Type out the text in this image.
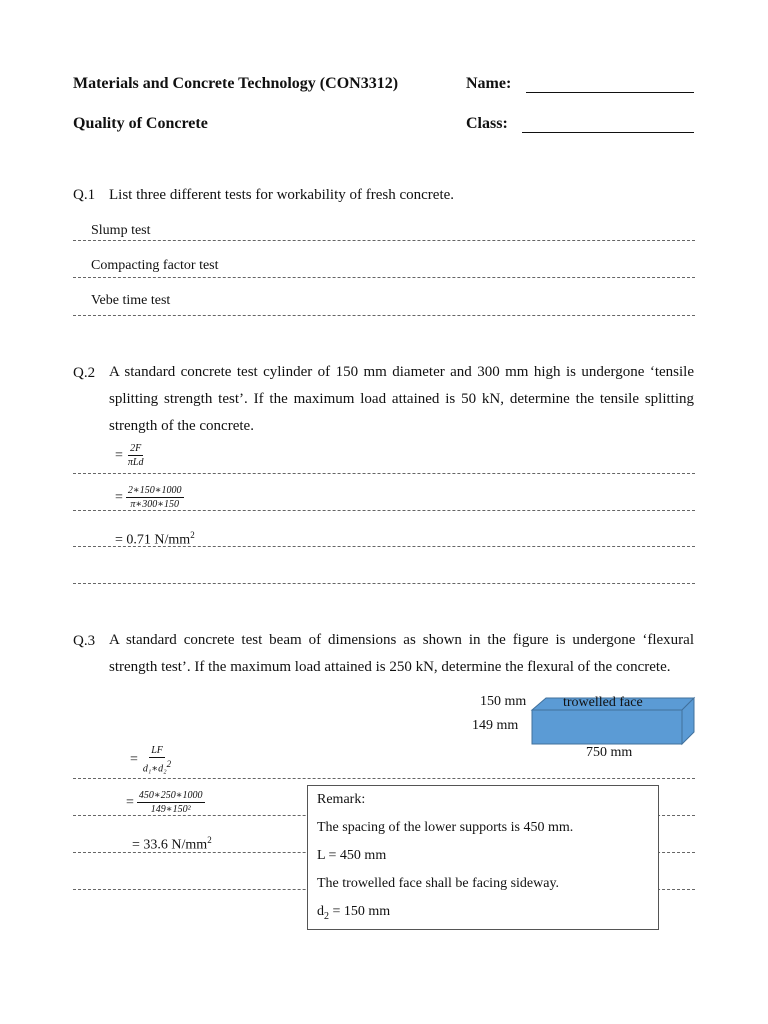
Materials and Concrete Technology (CON3312)	Name:
Quality of Concrete	Class:
Q.1 List three different tests for workability of fresh concrete.
Slump test
Compacting factor test
Vebe time test
Q.2 A standard concrete test cylinder of 150 mm diameter and 300 mm high is undergone ‘tensile splitting strength test’. If the maximum load attained is 50 kN, determine the tensile splitting strength of the concrete.
= $\frac{2F}{\text{πLd}}$
= $\frac{2∗150∗1000}{\pi∗300∗150}$
= 0.71 $N/mm^2$
Q.3 A standard concrete test beam of dimensions as shown in the figure is undergone ‘flexural strength test’. If the maximum load attained is 250 kN, determine the flexural of the concrete.
150 mm
149 mm
trowelled face
750 mm
= $\frac{LF}{d_1∗d_2^2}$
= $\frac{450∗250∗1000}{\text{149∗150²}}$
= 33.6 $N/mm^2$
Remark:
The spacing of the lower supports is 450 mm.
L = 450 mm
The trowelled face shall be facing sideway.
$d_2 = 150$ mm
